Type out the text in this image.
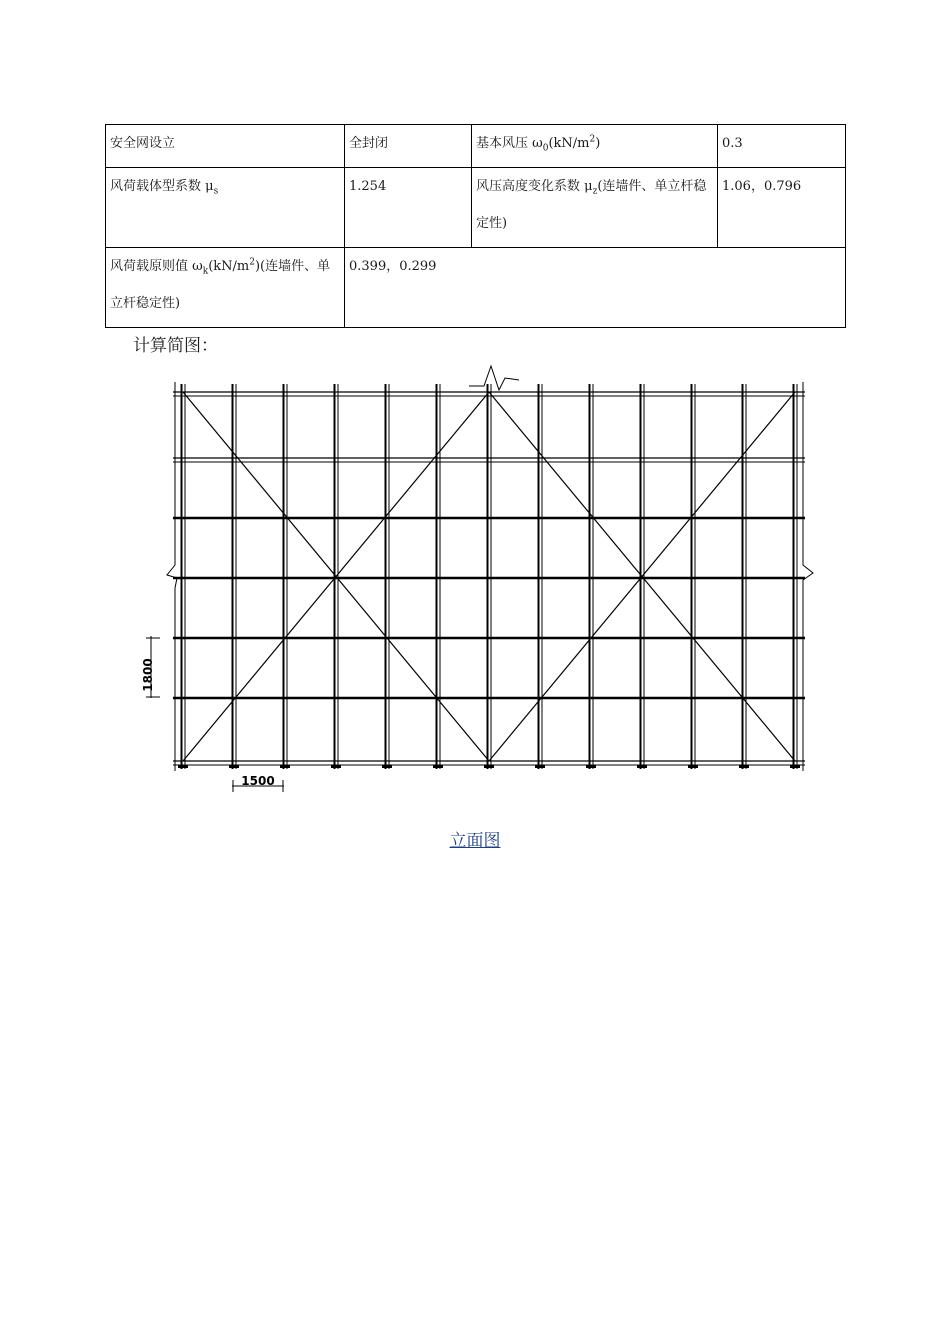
安全网设立	全封闭	基本风压 $\omega_0(kN/m^2)$	0.3
风荷载体型系数 $\mu_s$	1.254	风压高度变化系数 $\mu_z$(连墙件、单立杆稳定性)	1.06，0.796
风荷载原则值 $\omega_k(kN/m^2)$(连墙件、单立杆稳定性)	0.399，0.299		
计算简图：
1800
1500
立面图
